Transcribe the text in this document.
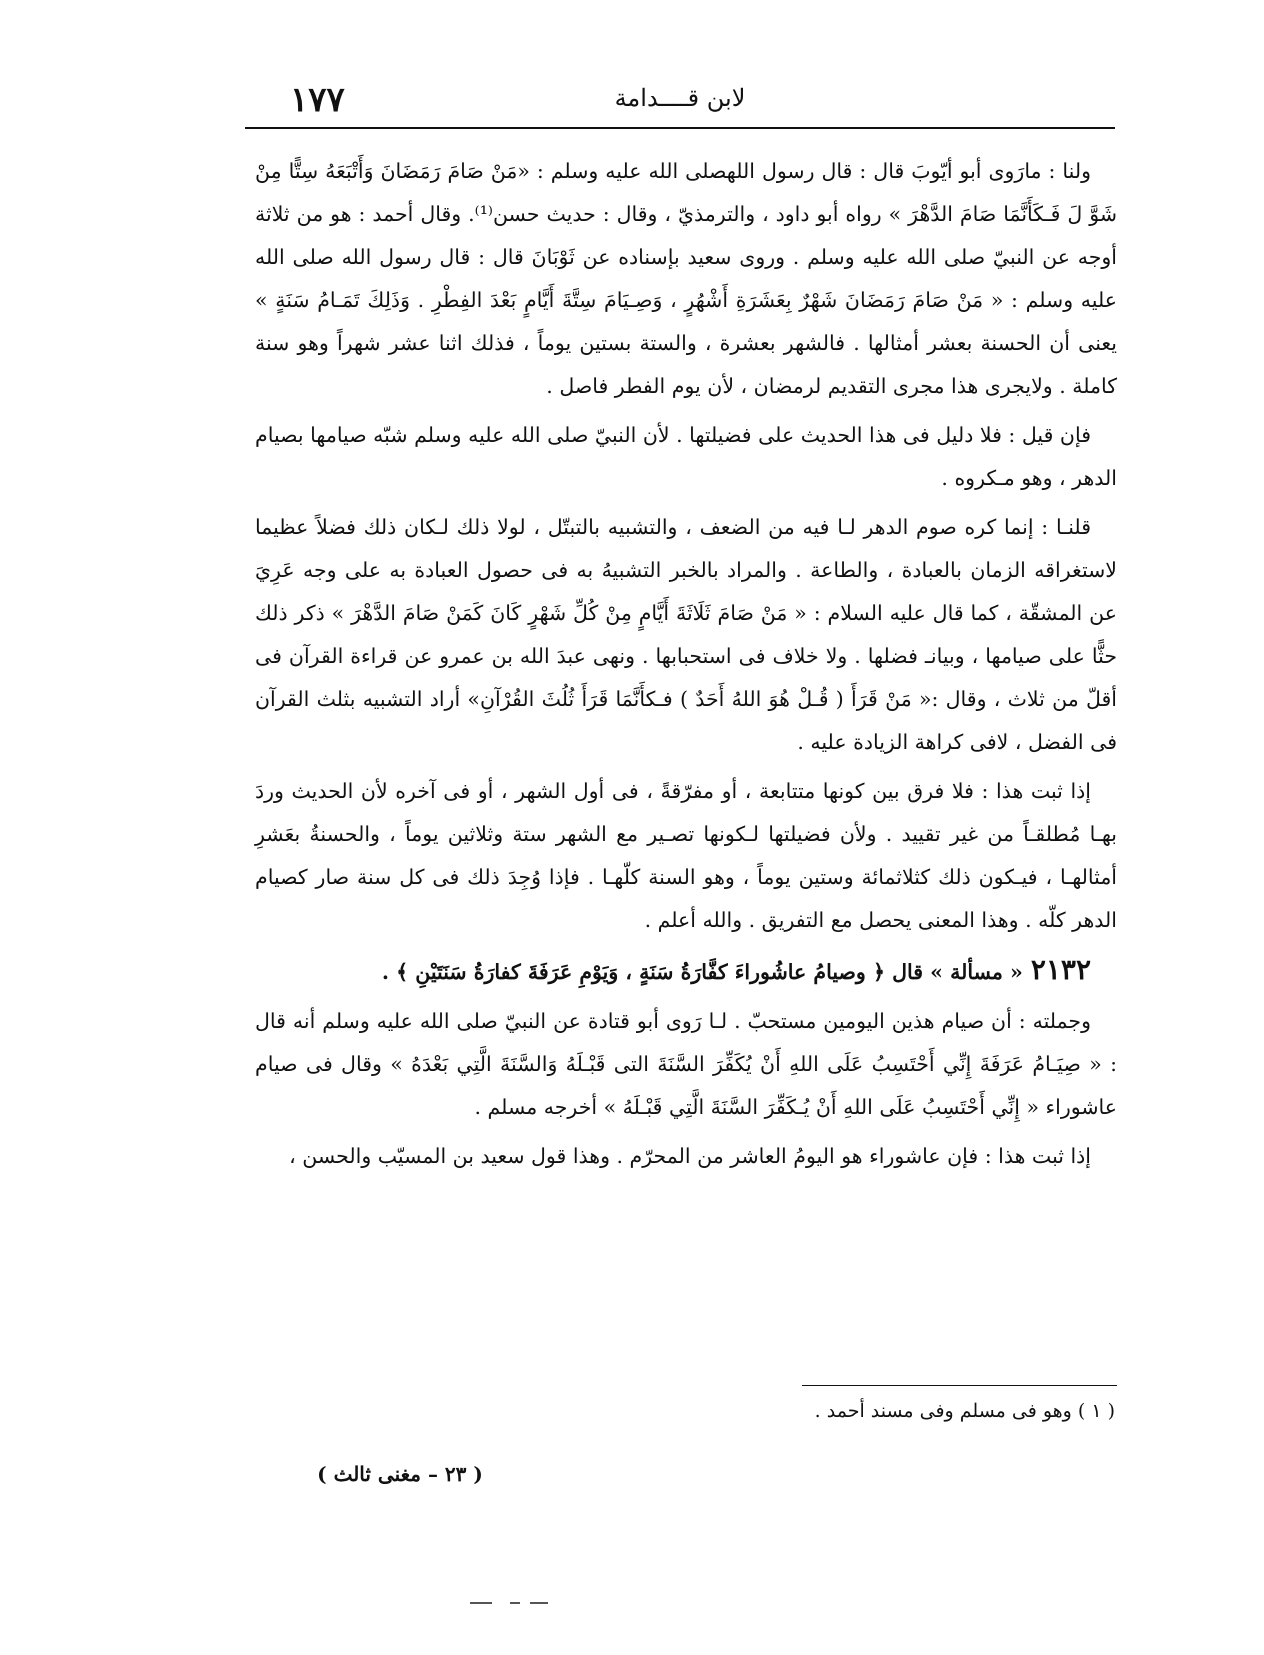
١٧٧	لابن قــــدامة

ولنا : مارَوى أبو أيّوبَ قال : قال رسول اللهصلى الله عليه وسلم : «مَنْ صَامَ رَمَضَانَ وَأَتْبَعَهُ سِتًّا مِنْ شَوَّ لَ فَـكَأَنَّمَا صَامَ الدَّهْرَ » رواه أبو داود ، والترمذيّ ، وقال : حديث حسن⁽¹⁾. وقال أحمد : هو من ثلاثة أوجه عن النبيّ صلى الله عليه وسلم . وروى سعيد بإسناده عن ثَوْبَانَ قال : قال رسول الله صلى الله عليه وسلم : « مَنْ صَامَ رَمَضَانَ شَهْرٌ بِعَشَرَةِ أَشْهُرٍ ، وَصِـيَامَ سِتَّةَ أَيَّامٍ بَعْدَ الفِطْرِ . وَذَلِكَ تَمَـامُ سَنَةٍ » يعنى أن الحسنة بعشر أمثالها . فالشهر بعشرة ، والستة بستين يوماً ، فذلك اثنا عشر شهراً وهو سنة كاملة . ولايجرى هذا مجرى التقديم لرمضان ، لأن يوم الفطر فاصل .

فإن قيل : فلا دليل فى هذا الحديث على فضيلتها . لأن النبيّ صلى الله عليه وسلم شبّه صيامها بصيام الدهر ، وهو مـكروه .

قلنـا : إنما كره صوم الدهر لـا فيه من الضعف ، والتشبيه بالتبتّل ، لولا ذلك لـكان ذلك فضلاً عظيما لاستغراقه الزمان بالعبادة ، والطاعة . والمراد بالخبر التشبيهُ به فى حصول العبادة به على وجه عَرِيَ عن المشقّة ، كما قال عليه السلام : « مَنْ صَامَ ثَلَاثَةَ أَيَّامٍ مِنْ كُلِّ شَهْرٍ كَانَ كَمَنْ صَامَ الدَّهْرَ » ذكر ذلك حثًّا على صيامها ، وبيانـ فضلها . ولا خلاف فى استحبابها . ونهى عبدَ الله بن عمرو عن قراءة القرآن فى أقلّ من ثلاث ، وقال :« مَنْ قَرَأَ ( قُـلْ هُوَ اللهُ أَحَدٌ ) فـكأَنَّمَا قَرَأَ ثُلُثَ القُرْآنِ» أراد التشبيه بثلث القرآن فى الفضل ، لافى كراهة الزيادة عليه .

إذا ثبت هذا : فلا فرق بين كونها متتابعة ، أو مفرّقةً ، فى أول الشهر ، أو فى آخره لأن الحديث وردَ بهـا مُطلقـاً من غير تقييد . ولأن فضيلتها لـكونها تصـير مع الشهر ستة وثلاثين يوماً ، والحسنةُ بعَشرِ أمثالهـا ، فيـكون ذلك كثلاثمائة وستين يوماً ، وهو السنة كلّهـا . فإذا وُجِدَ ذلك فى كل سنة صار كصيام الدهر كلّه . وهذا المعنى يحصل مع التفريق . والله أعلم .

٢١٣٢« مسألة » قال ﴿ وصيامُ عاشُوراءَ كفَّارَةُ سَنَةٍ ، وَيَوْمِ عَرَفَةَ كفارَةُ سَنَتَيْنِ ﴾ .

وجملته : أن صيام هذين اليومين مستحبّ . لـا رَوى أبو قتادة عن النبيّ صلى الله عليه وسلم أنه قال : « صِيَـامُ عَرَفَةَ إِنِّي أَحْتَسِبُ عَلَى اللهِ أَنْ يُكَفِّرَ السَّنَةَ التى قَبْـلَهُ وَالسَّنَةَ الَّتِي بَعْدَهُ » وقال فى صيام عاشوراء « إِنِّي أَحْتَسِبُ عَلَى اللهِ أَنْ يُـكَفِّرَ السَّنَةَ الَّتِي قَبْـلَهُ » أخرجه مسلم .

إذا ثبت هذا : فإن عاشوراء هو اليومُ العاشر من المحرّم . وهذا قول سعيد بن المسيّب والحسن ،

( ١ ) وهو فى مسلم وفى مسند أحمد .
( ٢٣ – مغنى ثالث )
